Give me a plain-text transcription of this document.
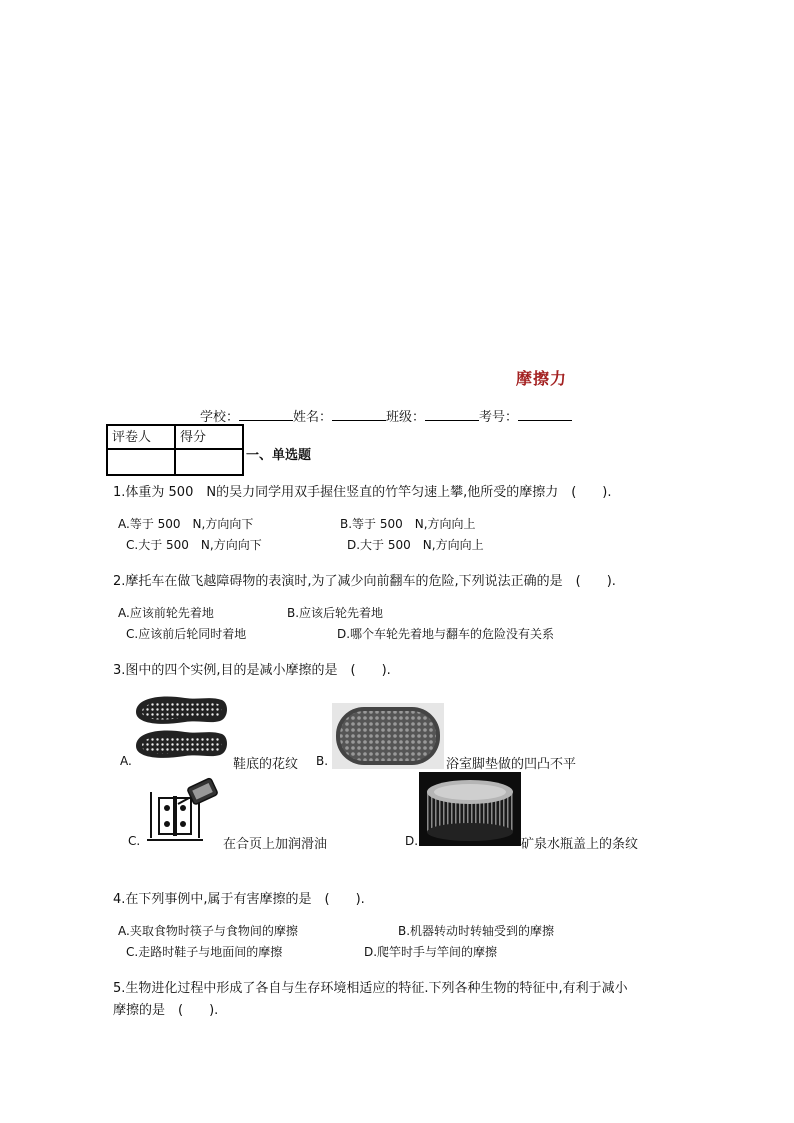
摩擦力
学校：	姓名：	班级：	考号：
评卷人	得分

一、单选题
1.体重为 500　N的吴力同学用双手握住竖直的竹竿匀速上攀,他所受的摩擦力　(　　).
A.等于 500　N,方向向下	B.等于 500　N,方向向上
C.大于 500　N,方向向下	D.大于 500　N,方向向上
2.摩托车在做飞越障碍物的表演时,为了减少向前翻车的危险,下列说法正确的是　(　　).
A.应该前轮先着地	B.应该后轮先着地
C.应该前后轮同时着地	D.哪个车轮先着地与翻车的危险没有关系
3.图中的四个实例,目的是减小摩擦的是　(　　).
A.	鞋底的花纹 B.	浴室脚垫做的凹凸不平
C.	在合页上加润滑油	D.	矿泉水瓶盖上的条纹
4.在下列事例中,属于有害摩擦的是　(　　).
A.夹取食物时筷子与食物间的摩擦	B.机器转动时转轴受到的摩擦
C.走路时鞋子与地面间的摩擦	D.爬竿时手与竿间的摩擦
5.生物进化过程中形成了各自与生存环境相适应的特征.下列各种生物的特征中,有利于减小
摩擦的是　(　　).
